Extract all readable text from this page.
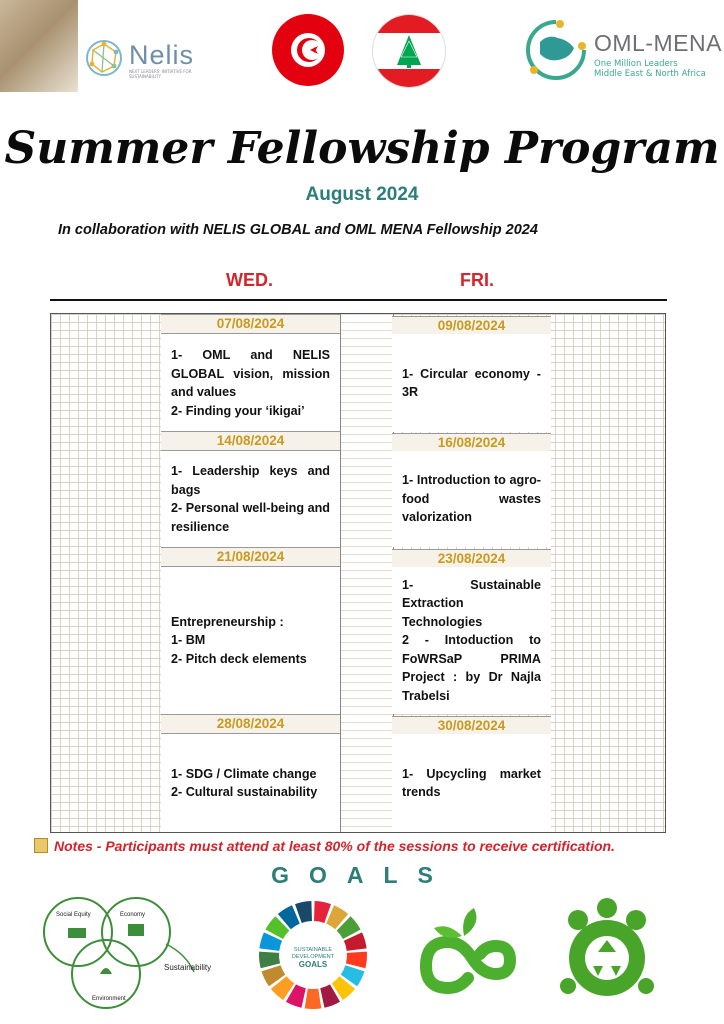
Nelis
NEXT LEADERS' INITIATIVE FOR SUSTAINABILITY
OML-MENA
One Million Leaders
Middle East & North Africa
Summer Fellowship Program
August 2024
In collaboration with NELIS GLOBAL and OML MENA Fellowship 2024
WED.	FRI.
07/08/2024
1- OML and NELIS GLOBAL vision, mission and values
2- Finding your ‘ikigai’
09/08/2024
1- Circular economy - 3R
14/08/2024
1- Leadership keys and bags
2- Personal well-being and resilience
16/08/2024
1- Introduction to agro-food wastes valorization
21/08/2024
Entrepreneurship :
1- BM
2- Pitch deck elements
23/08/2024
1- Sustainable Extraction Technologies
2 - Intoduction to FoWRSaP PRIMA Project : by Dr Najla Trabelsi
28/08/2024
1- SDG / Climate change
2- Cultural sustainability
30/08/2024
1- Upcycling market trends
Notes - Participants must attend at least 80% of the sessions to receive certification.
GOALS
Social Equity	Economy
Environment
Sustainability
SUSTAINABLE
DEVELOPMENT
GOALS
